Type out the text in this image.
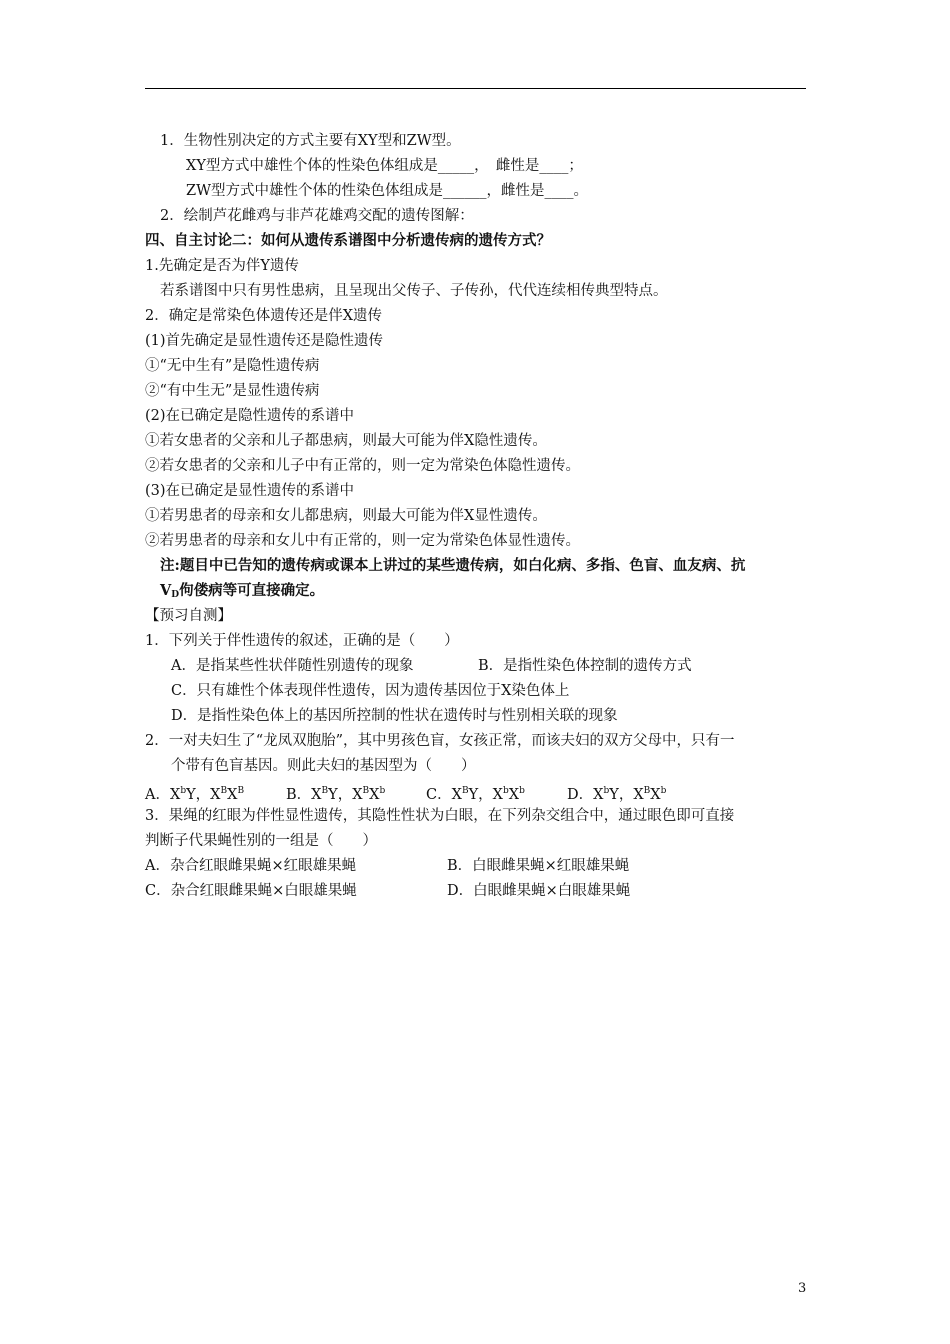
1．生物性别决定的方式主要有XY型和ZW型。
XY型方式中雄性个体的性染色体组成是_____，　雌性是____；
ZW型方式中雄性个体的性染色体组成是______，雌性是____。
2．绘制芦花雌鸡与非芦花雄鸡交配的遗传图解：
四、自主讨论二：如何从遗传系谱图中分析遗传病的遗传方式？
1.先确定是否为伴Y遗传
若系谱图中只有男性患病，且呈现出父传子、子传孙，代代连续相传典型特点。
2．确定是常染色体遗传还是伴X遗传
(1)首先确定是显性遗传还是隐性遗传
①“无中生有”是隐性遗传病
②“有中生无”是显性遗传病
(2)在已确定是隐性遗传的系谱中
①若女患者的父亲和儿子都患病，则最大可能为伴X隐性遗传。
②若女患者的父亲和儿子中有正常的，则一定为常染色体隐性遗传。
(3)在已确定是显性遗传的系谱中
①若男患者的母亲和女儿都患病，则最大可能为伴X显性遗传。
②若男患者的母亲和女儿中有正常的，则一定为常染色体显性遗传。
注:题目中已告知的遗传病或课本上讲过的某些遗传病，如白化病、多指、色盲、血友病、抗
$V_D$佝偻病等可直接确定。
【预习自测】
1．下列关于伴性遗传的叙述，正确的是（　　）
A．是指某些性状伴随性别遗传的现象	B．是指性染色体控制的遗传方式
C．只有雄性个体表现伴性遗传，因为遗传基因位于X染色体上
D．是指性染色体上的基因所控制的性状在遗传时与性别相关联的现象
2．一对夫妇生了“龙凤双胞胎”，其中男孩色盲，女孩正常，而该夫妇的双方父母中，只有一
个带有色盲基因。则此夫妇的基因型为（　　）
A．$X^bY$，$X^BX^B$	B．$X^BY$，$X^BX^b$	C．$X^BY$，$X^bX^b$	D．$X^bY$，$X^BX^b$
3．果绳的红眼为伴性显性遗传，其隐性性状为白眼，在下列杂交组合中，通过眼色即可直接
判断子代果蝇性别的一组是（　　）
A．杂合红眼雌果蝇×红眼雄果蝇	B．白眼雌果蝇×红眼雄果蝇
C．杂合红眼雌果蝇×白眼雄果蝇	D．白眼雌果蝇×白眼雄果蝇
3
